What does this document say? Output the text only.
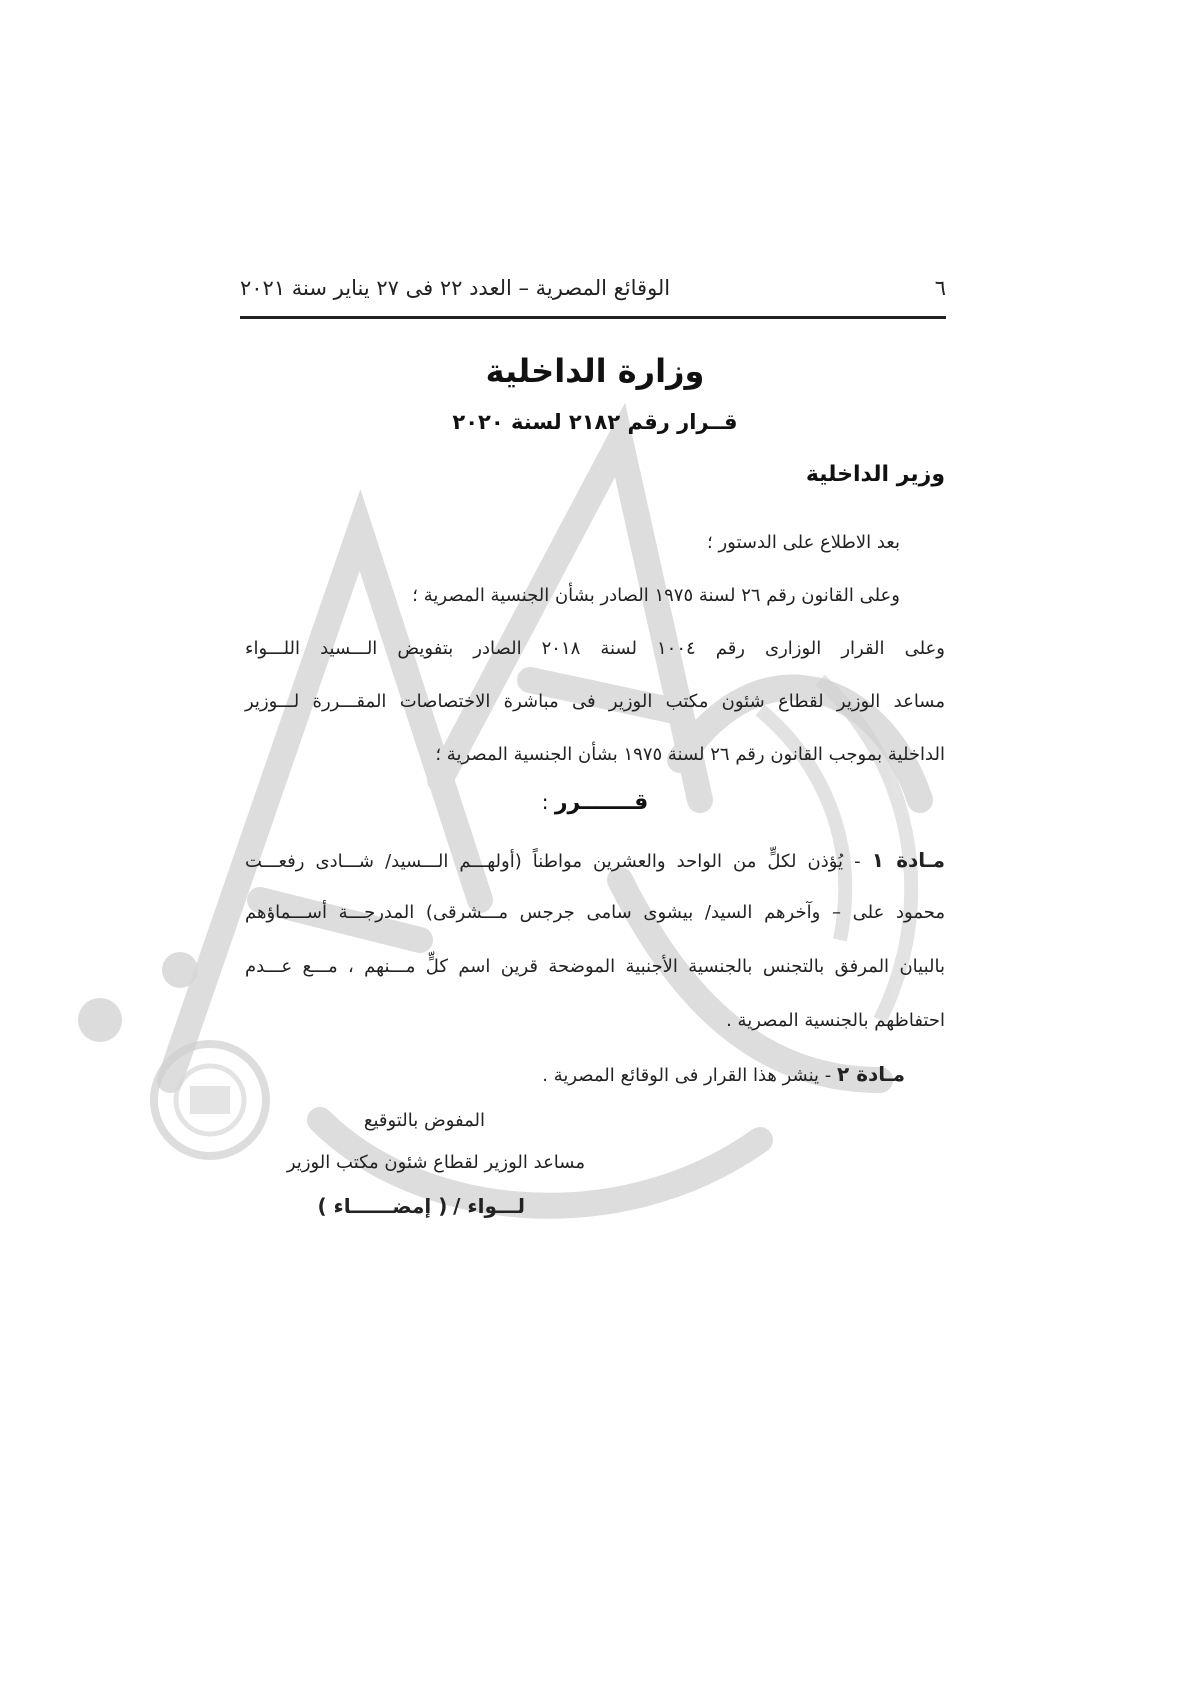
٦
الوقائع المصرية – العدد ٢٢ فى ٢٧ يناير سنة ٢٠٢١
وزارة الداخلية
قــرار رقم ٢١٨٢ لسنة ٢٠٢٠
وزير الداخلية
بعد الاطلاع على الدستور ؛
وعلى القانون رقم ٢٦ لسنة ١٩٧٥ الصادر بشأن الجنسية المصرية ؛
وعلى القرار الوزارى رقم ١٠٠٤ لسنة ٢٠١٨ الصادر بتفويض الـــسيد اللـــواء
مساعد الوزير لقطاع شئون مكتب الوزير فى مباشرة الاختصاصات المقـــررة لـــوزير
الداخلية بموجب القانون رقم ٢٦ لسنة ١٩٧٥ بشأن الجنسية المصرية ؛
قـــــــرر :
مـادة ١ - يُؤذن لكلٍّ من الواحد والعشرين مواطناً (أولهـــم الـــسيد/ شـــادى رفعـــت
محمود على – وآخرهم السيد/ بيشوى سامى جرجس مـــشرقى) المدرجـــة أســـماؤهم
بالبيان المرفق بالتجنس بالجنسية الأجنبية الموضحة قرين اسم كلٍّ مـــنهم ، مـــع عـــدم
احتفاظهم بالجنسية المصرية .
مـادة ٢ - ينشر هذا القرار فى الوقائع المصرية .
المفوض بالتوقيع
مساعد الوزير لقطاع شئون مكتب الوزير
لـــواء / ( إمضــــــاء )
